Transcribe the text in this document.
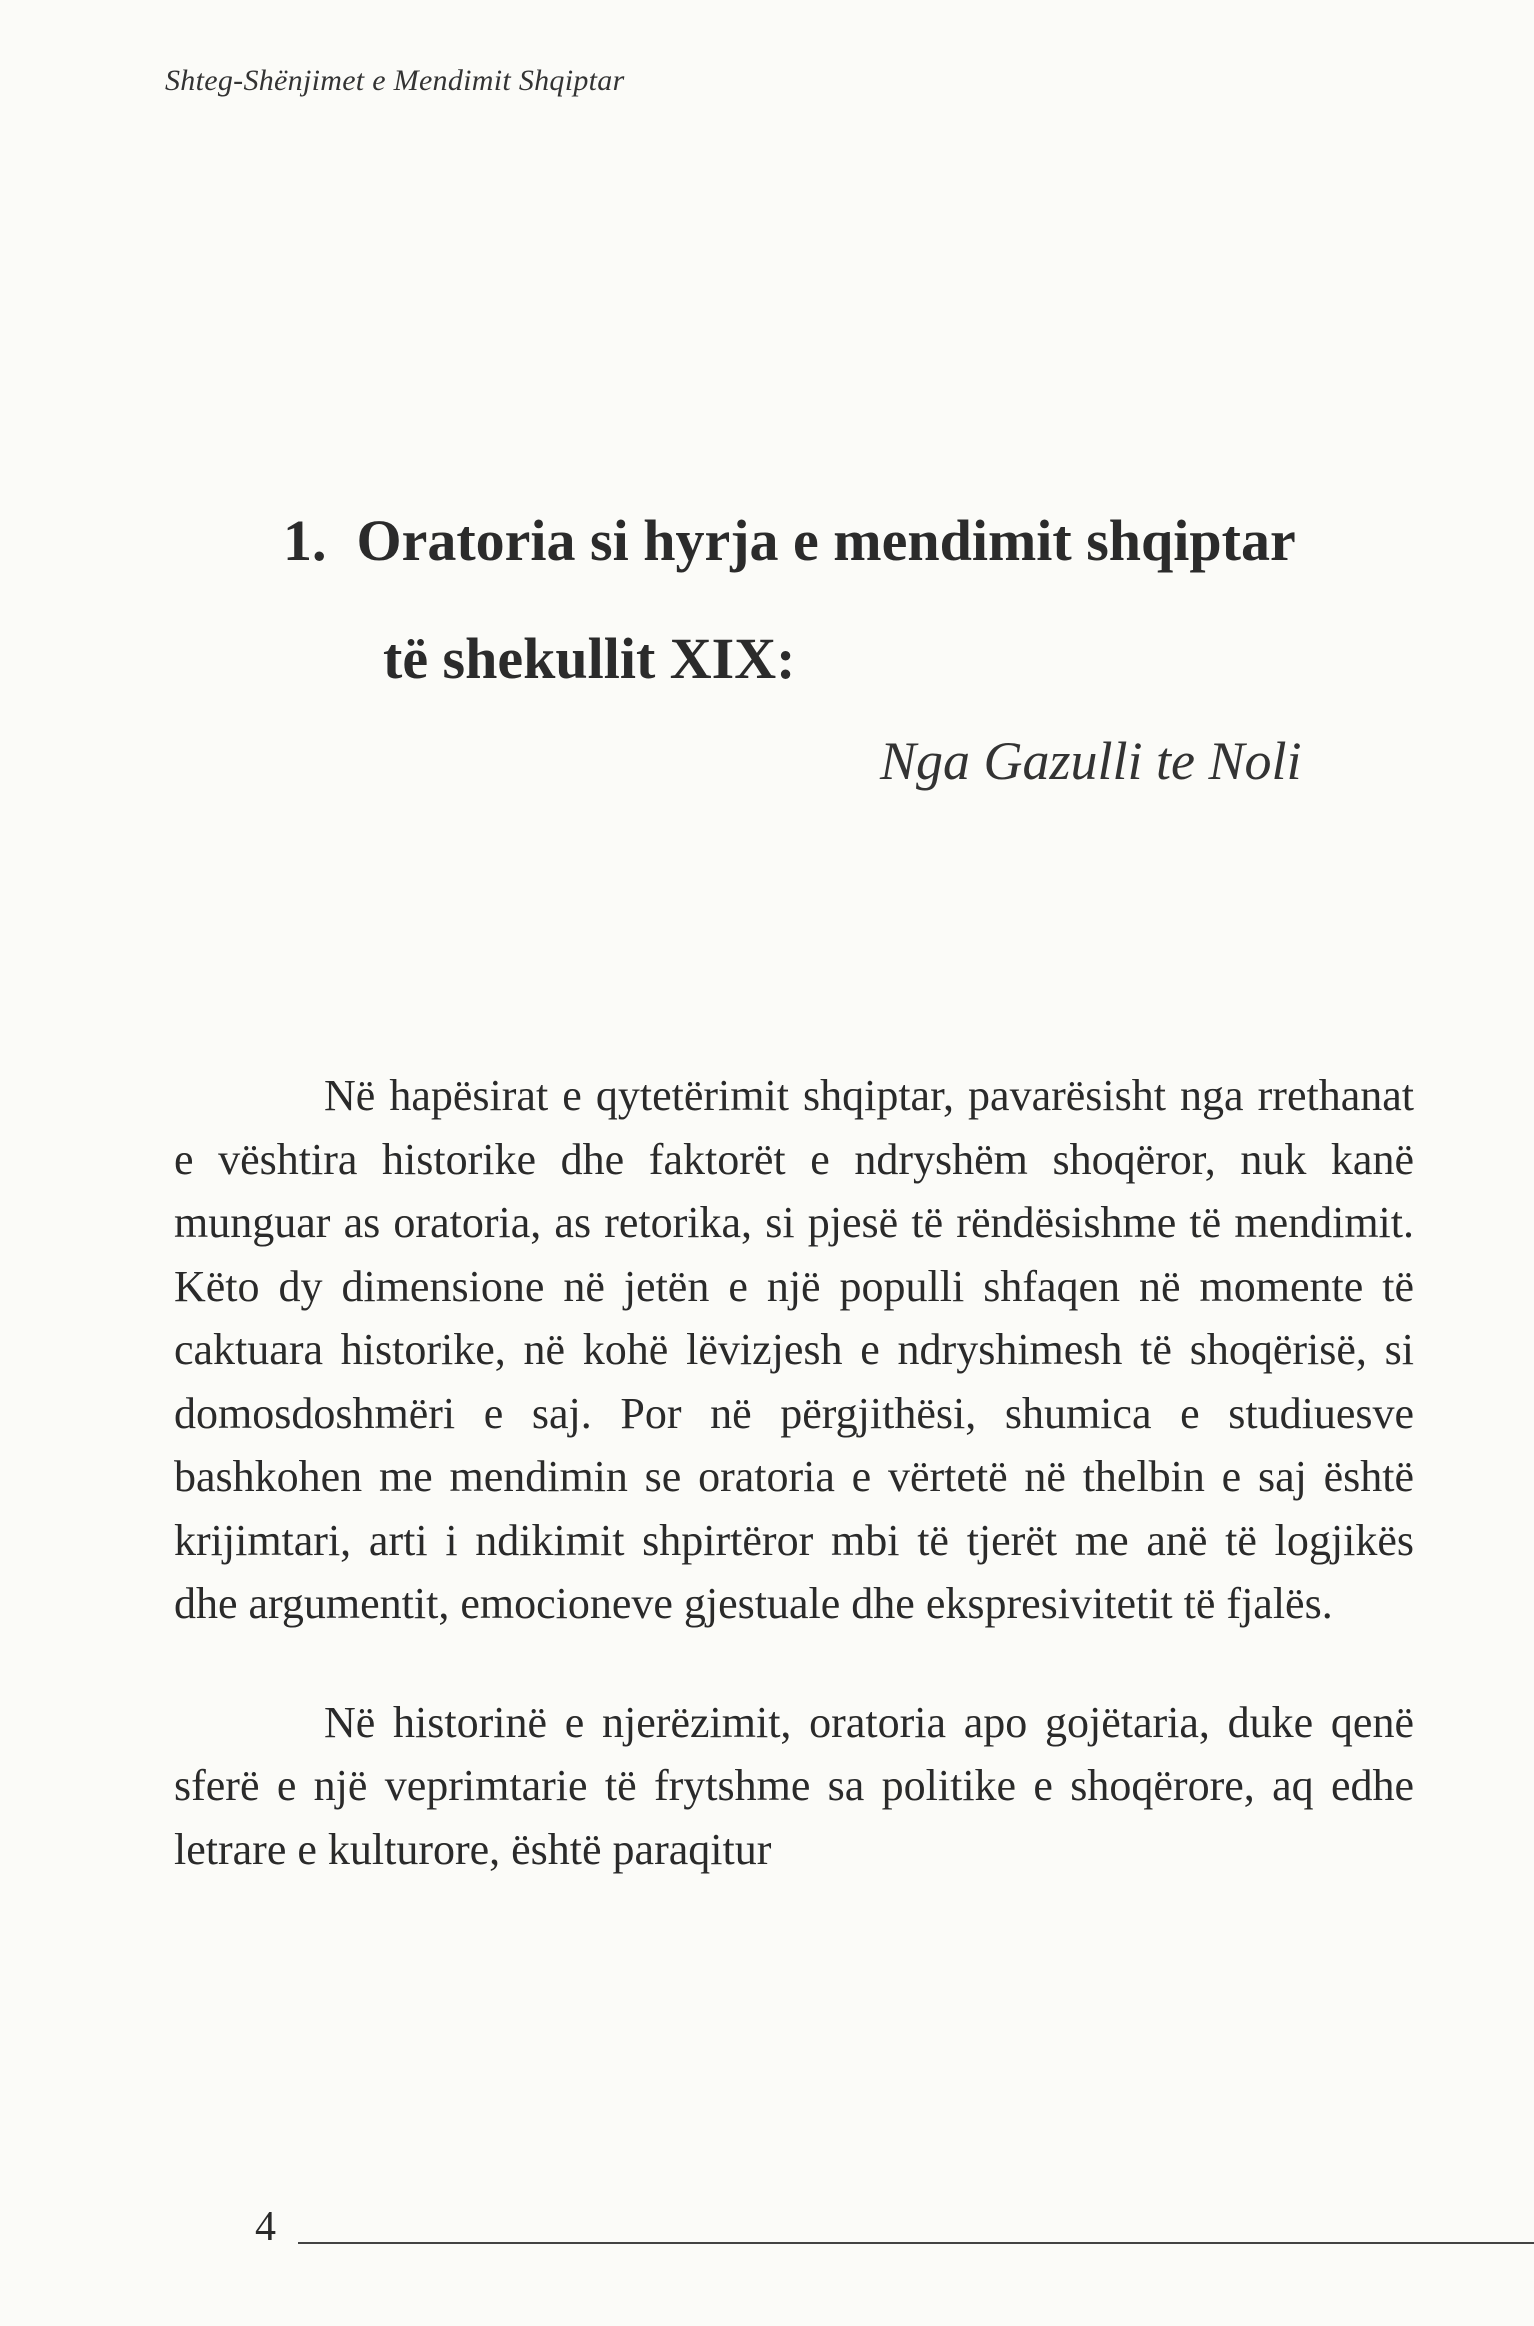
Shteg-Shënjimet e Mendimit Shqiptar
1. Oratoria si hyrja e mendimit shqiptar
të shekullit XIX:
Nga Gazulli te Noli

Në hapësirat e qytetërimit shqiptar, pavarësisht nga rrethanat e vështira historike dhe faktorët e ndryshëm shoqëror, nuk kanë munguar as oratoria, as retorika, si pjesë të rëndësishme të mendimit. Këto dy dimensione në jetën e një populli shfaqen në momente të caktuara historike, në kohë lëvizjesh e ndryshimesh të shoqërisë, si domosdoshmëri e saj. Por në përgjithësi, shumica e studiuesve bashkohen me mendimin se oratoria e vërtetë në thelbin e saj është krijimtari, arti i ndikimit shpirtëror mbi të tjerët me anë të logjikës dhe argumentit, emocioneve gjestuale dhe ekspresivitetit të fjalës.

Në historinë e njerëzimit, oratoria apo gojëtaria, duke qenë sferë e një veprimtarie të frytshme sa politike e shoqërore, aq edhe letrare e kulturore, është paraqitur

4
